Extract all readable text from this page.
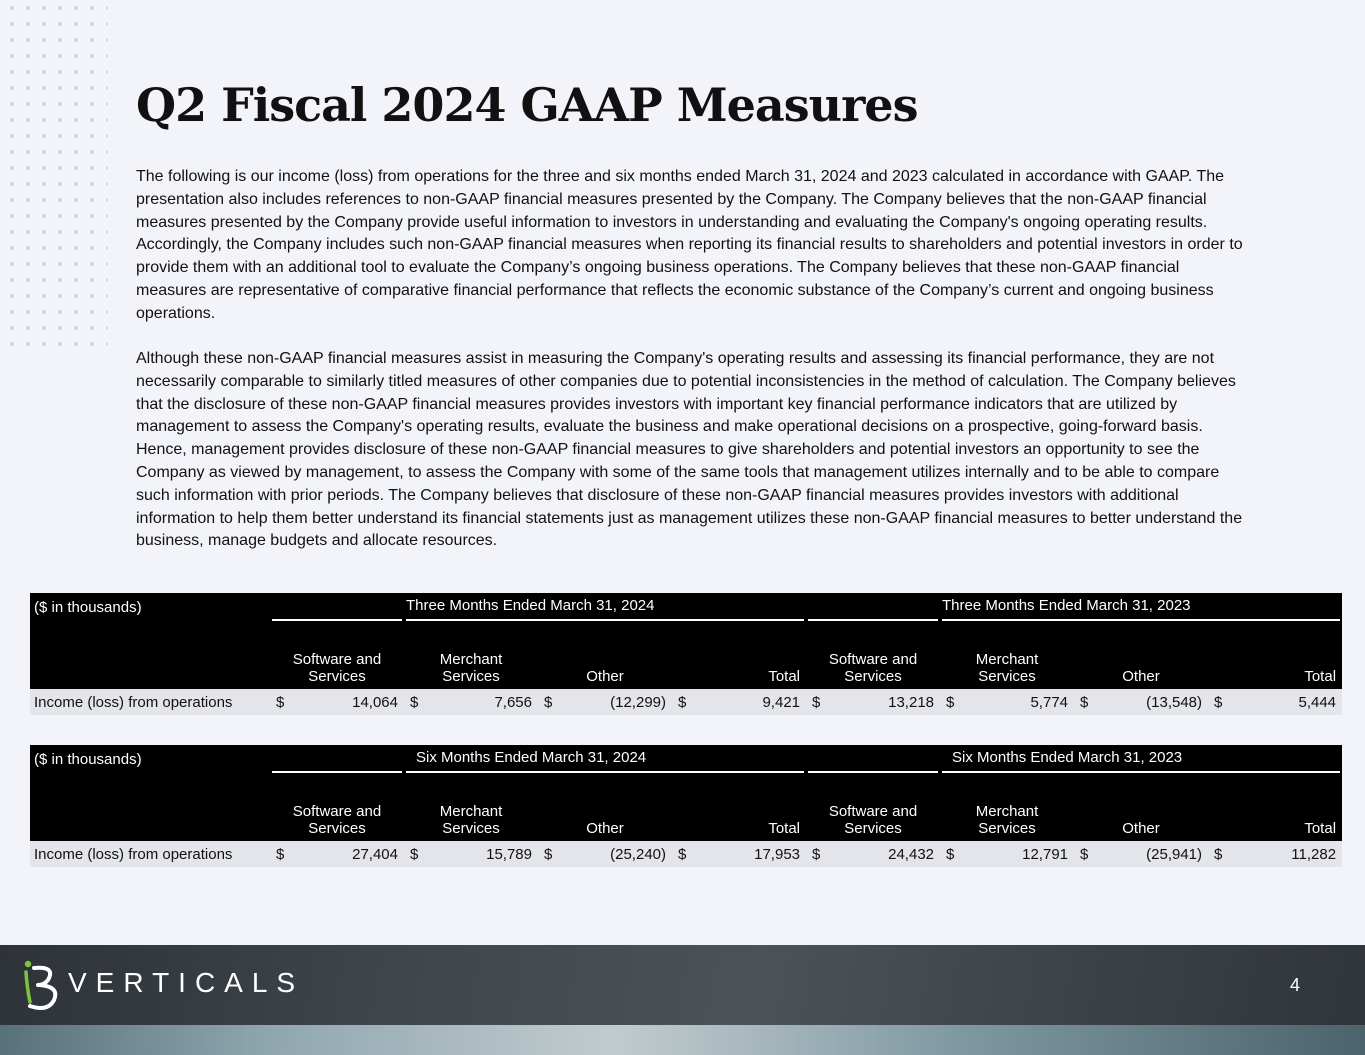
Q2 Fiscal 2024 GAAP Measures

The following is our income (loss) from operations for the three and six months ended March 31, 2024 and 2023 calculated in accordance with GAAP. The presentation also includes references to non-GAAP financial measures presented by the Company. The Company believes that the non-GAAP financial measures presented by the Company provide useful information to investors in understanding and evaluating the Company's ongoing operating results. Accordingly, the Company includes such non-GAAP financial measures when reporting its financial results to shareholders and potential investors in order to provide them with an additional tool to evaluate the Company’s ongoing business operations. The Company believes that these non-GAAP financial measures are representative of comparative financial performance that reflects the economic substance of the Company’s current and ongoing business operations.

Although these non-GAAP financial measures assist in measuring the Company's operating results and assessing its financial performance, they are not necessarily comparable to similarly titled measures of other companies due to potential inconsistencies in the method of calculation. The Company believes that the disclosure of these non-GAAP financial measures provides investors with important key financial performance indicators that are utilized by management to assess the Company's operating results, evaluate the business and make operational decisions on a prospective, going-forward basis. Hence, management provides disclosure of these non-GAAP financial measures to give shareholders and potential investors an opportunity to see the Company as viewed by management, to assess the Company with some of the same tools that management utilizes internally and to be able to compare such information with prior periods. The Company believes that disclosure of these non-GAAP financial measures provides investors with additional information to help them better understand its financial statements just as management utilizes these non-GAAP financial measures to better understand the business, manage budgets and allocate resources.

($ in thousands)			Three Months Ended March 31, 2024								Three Months Ended March 31, 2023					

	Software and
Services		Merchant
Services		Other		Total		Software and
Services		Merchant
Services		Other		Total	
Income (loss) from operations	$	14,064	$	7,656	$	(12,299)	$	9,421	$	13,218	$	5,774	$	(13,548)	$	5,444
($ in thousands)			Six Months Ended March 31, 2024								Six Months Ended March 31, 2023					

	Software and
Services		Merchant
Services		Other		Total		Software and
Services		Merchant
Services		Other		Total	
Income (loss) from operations	$	27,404	$	15,789	$	(25,240)	$	17,953	$	24,432	$	12,791	$	(25,941)	$	11,282
VERTICALS	4
